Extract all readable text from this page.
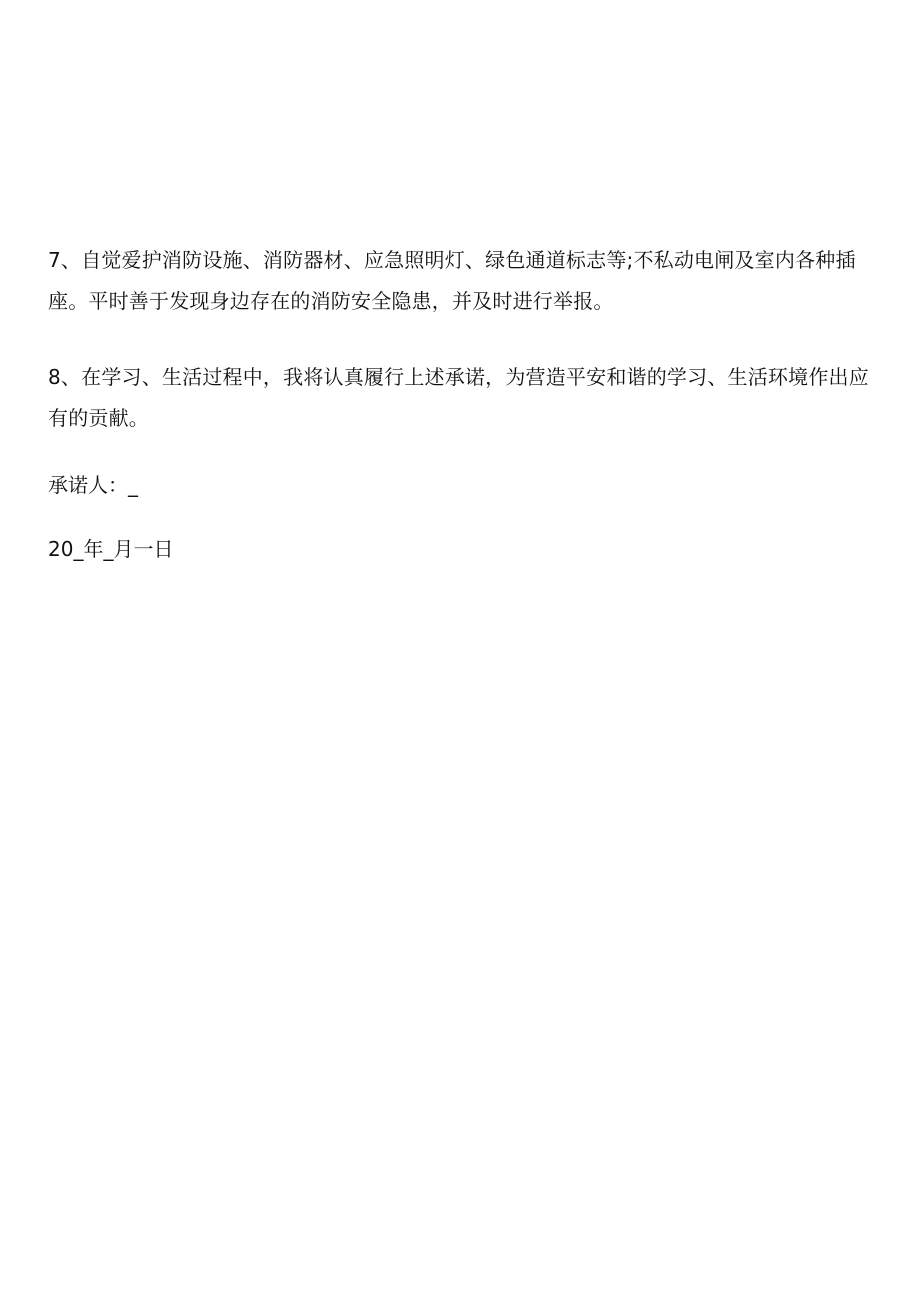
7、自觉爱护消防设施、消防器材、应急照明灯、绿色通道标志等;不私动电闸及室内各种插座。平时善于发现身边存在的消防安全隐患，并及时进行举报。

8、在学习、生活过程中，我将认真履行上述承诺，为营造平安和谐的学习、生活环境作出应有的贡献。

承诺人：_
20_年_月一日
